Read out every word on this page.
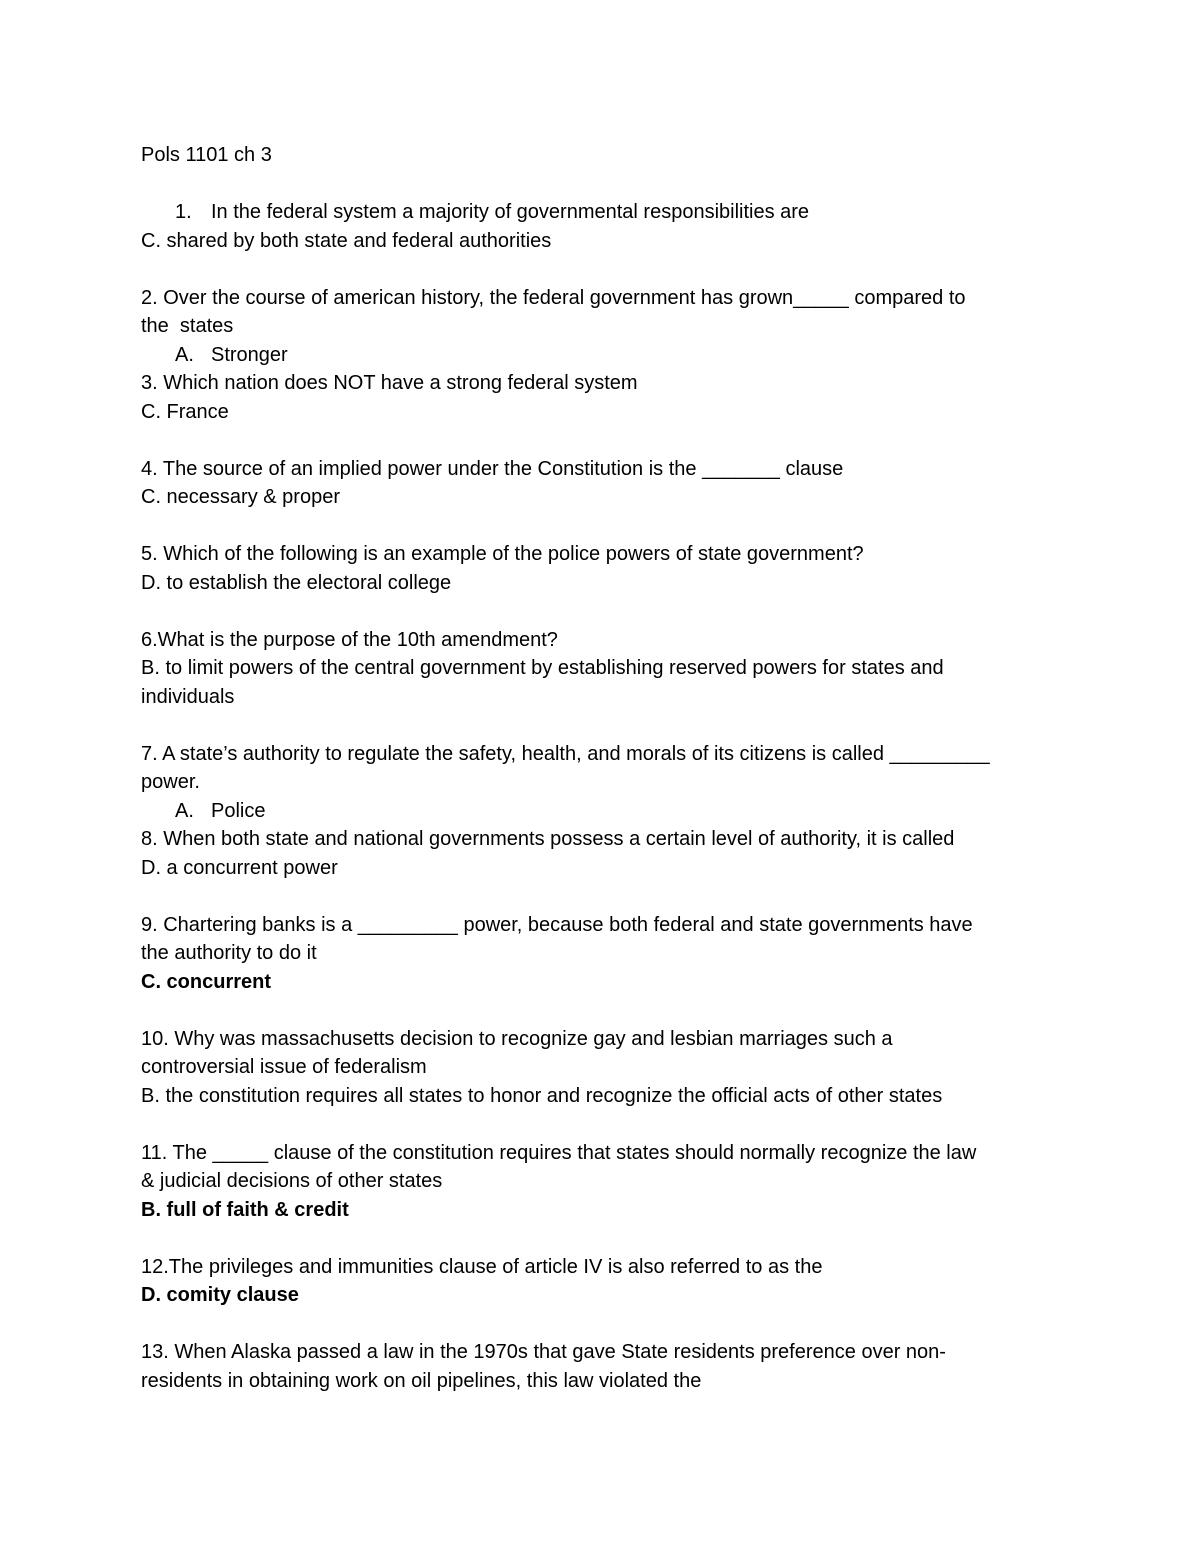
Pols 1101 ch 3
1. In the federal system a majority of governmental responsibilities are
C. shared by both state and federal authorities
2. Over the course of american history, the federal government has grown_____ compared to
the  states
A. Stronger
3. Which nation does NOT have a strong federal system
C. France
4. The source of an implied power under the Constitution is the _______ clause
C. necessary & proper
5. Which of the following is an example of the police powers of state government?
D. to establish the electoral college
6.What is the purpose of the 10th amendment?
B. to limit powers of the central government by establishing reserved powers for states and
individuals
7. A state’s authority to regulate the safety, health, and morals of its citizens is called _________
power.
A. Police
8. When both state and national governments possess a certain level of authority, it is called
D. a concurrent power
9. Chartering banks is a _________ power, because both federal and state governments have
the authority to do it
C. concurrent
10. Why was massachusetts decision to recognize gay and lesbian marriages such a
controversial issue of federalism
B. the constitution requires all states to honor and recognize the official acts of other states
11. The _____ clause of the constitution requires that states should normally recognize the law
& judicial decisions of other states
B. full of faith & credit
12.The privileges and immunities clause of article IV is also referred to as the
D. comity clause
13. When Alaska passed a law in the 1970s that gave State residents preference over non-
residents in obtaining work on oil pipelines, this law violated the
